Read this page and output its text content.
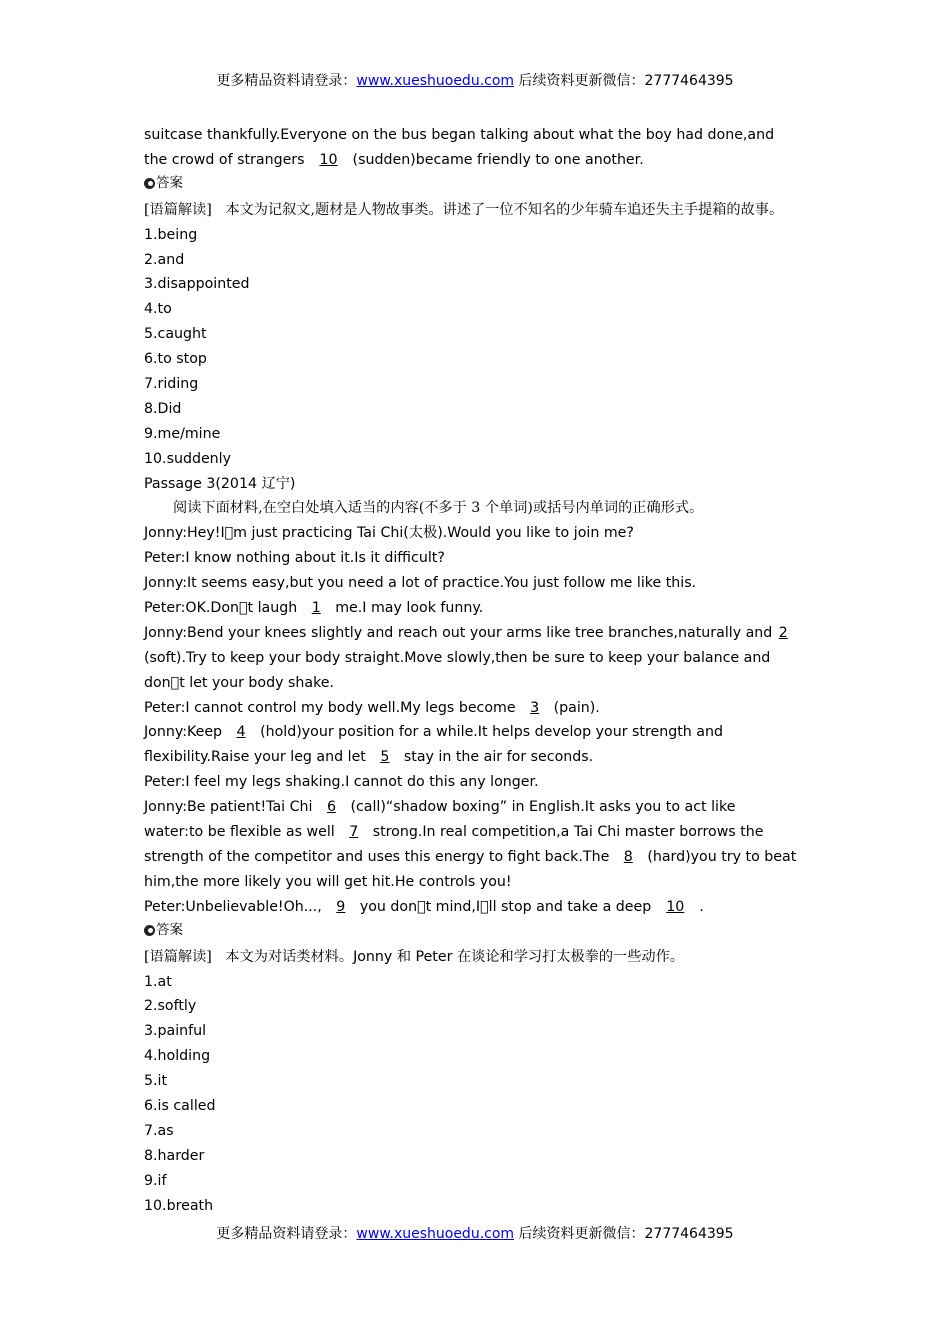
更多精品资料请登录：www.xueshuoedu.com 后续资料更新微信：2777464395
suitcase thankfully.Everyone on the bus began talking about what the boy had done,and
the crowd of strangers 10 (sudden)became friendly to one another.
答案
[语篇解读] 本文为记叙文,题材是人物故事类。讲述了一位不知名的少年骑车追还失主手提箱的故事。
1.being
2.and
3.disappointed
4.to
5.caught
6.to stop
7.riding
8.Did
9.me/mine
10.suddenly
Passage 3(2014 辽宁)
阅读下面材料,在空白处填入适当的内容(不多于 3 个单词)或括号内单词的正确形式。
Jonny:Hey!I m just practicing Tai Chi(太极).Would you like to join me?
Peter:I know nothing about it.Is it difficult?
Jonny:It seems easy,but you need a lot of practice.You just follow me like this.
Peter:OK.Don t laugh 1 me.I may look funny.
Jonny:Bend your knees slightly and reach out your arms like tree branches,naturally and 2
(soft).Try to keep your body straight.Move slowly,then be sure to keep your balance and
don t let your body shake.
Peter:I cannot control my body well.My legs become 3 (pain).
Jonny:Keep 4 (hold)your position for a while.It helps develop your strength and
flexibility.Raise your leg and let 5 stay in the air for seconds.
Peter:I feel my legs shaking.I cannot do this any longer.
Jonny:Be patient!Tai Chi 6 (call)“shadow boxing” in English.It asks you to act like
water:to be flexible as well 7 strong.In real competition,a Tai Chi master borrows the
strength of the competitor and uses this energy to fight back.The 8 (hard)you try to beat
him,the more likely you will get hit.He controls you!
Peter:Unbelievable!Oh..., 9 you don t mind,I ll stop and take a deep 10 .
答案
[语篇解读] 本文为对话类材料。Jonny 和 Peter 在谈论和学习打太极拳的一些动作。
1.at
2.softly
3.painful
4.holding
5.it
6.is called
7.as
8.harder
9.if
10.breath
更多精品资料请登录：www.xueshuoedu.com 后续资料更新微信：2777464395
